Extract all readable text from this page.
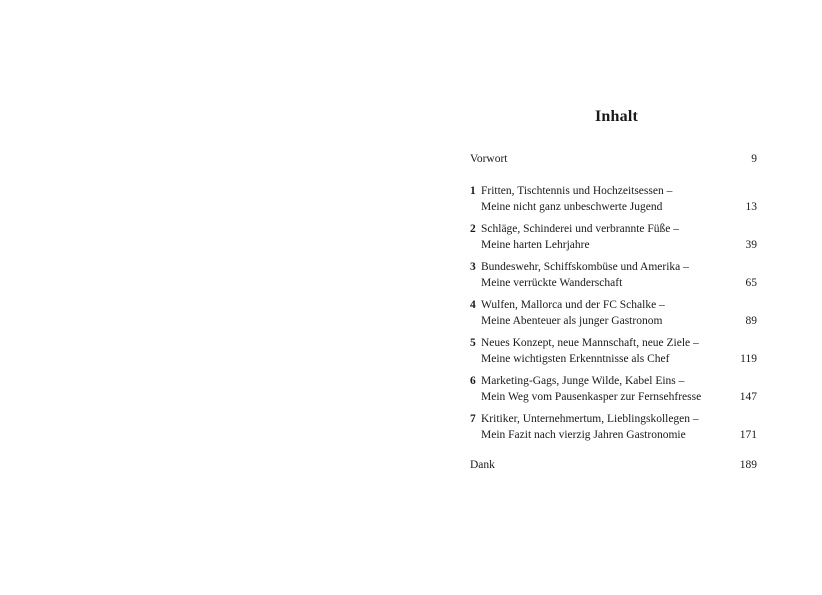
Inhalt
Vorwort	9
1 Fritten, Tischtennis und Hochzeitsessen –
Meine nicht ganz unbeschwerte Jugend	13
2 Schläge, Schinderei und verbrannte Füße –
Meine harten Lehrjahre	39
3 Bundeswehr, Schiffskombüse und Amerika –
Meine verrückte Wanderschaft	65
4 Wulfen, Mallorca und der FC Schalke –
Meine Abenteuer als junger Gastronom	89
5 Neues Konzept, neue Mannschaft, neue Ziele –
Meine wichtigsten Erkenntnisse als Chef	119
6 Marketing-Gags, Junge Wilde, Kabel Eins –
Mein Weg vom Pausenkasper zur Fernsehfresse	147
7 Kritiker, Unternehmertum, Lieblingskollegen –
Mein Fazit nach vierzig Jahren Gastronomie	171
Dank	189
